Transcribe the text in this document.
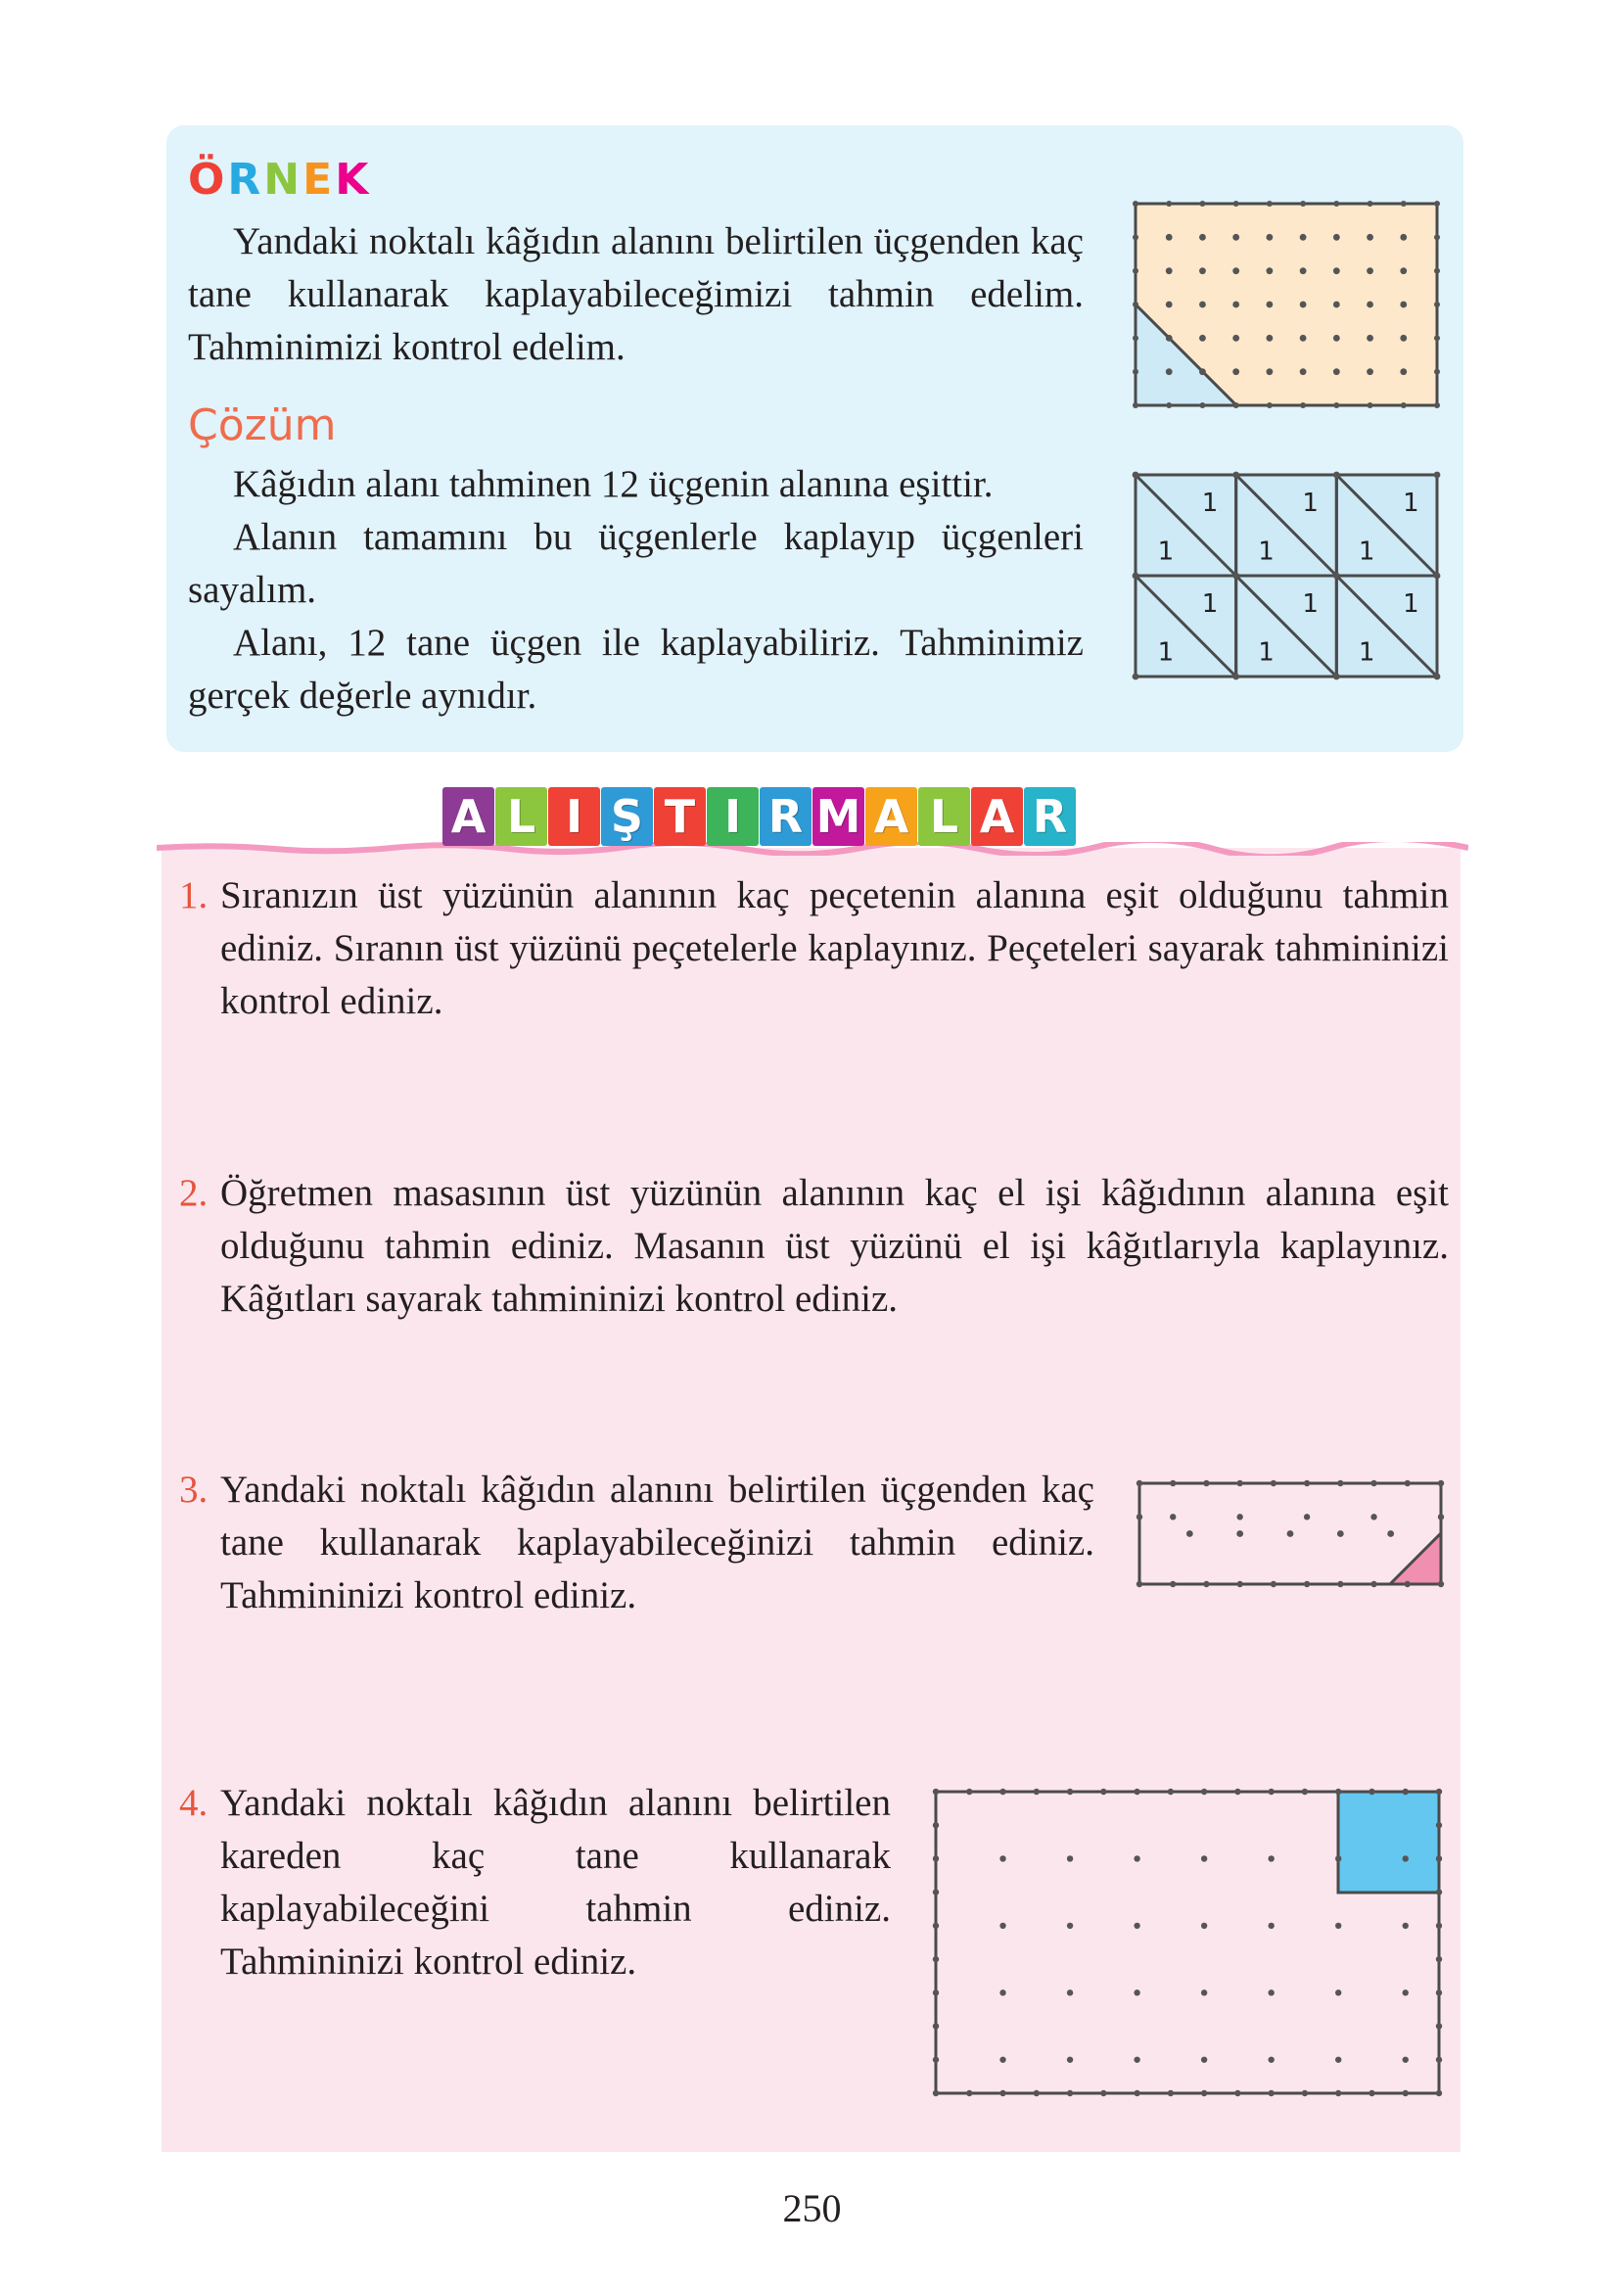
ÖRNEK

Yandaki noktalı kâğıdın alanını belirtilen üçgenden kaç tane kullanarak kaplayabileceğimizi tahmin edelim. Tahminimizi kontrol edelim.

Çözüm

Kâğıdın alanı tahminen 12 üçgenin alanına eşittir.

Alanın tamamını bu üçgenlerle kaplayıp üçgenleri sayalım.

Alanı, 12 tane üçgen ile kaplayabiliriz. Tahminimiz gerçek değerle aynıdır.

1
1
1
1
1
1
1
1
1
1
1
1
A L I Ş T I R M A L A R
1. Sıranızın üst yüzünün alanının kaç peçetenin alanına eşit olduğunu tahmin ediniz. Sıranın üst yüzünü peçetelerle kaplayınız. Peçeteleri sayarak tahmininizi kontrol ediniz.
2. Öğretmen masasının üst yüzünün alanının kaç el işi kâğıdının alanına eşit olduğunu tahmin ediniz. Masanın üst yüzünü el işi kâğıtlarıyla kaplayınız. Kâğıtları sayarak tahmininizi kontrol ediniz.
3. Yandaki noktalı kâğıdın alanını belirtilen üçgenden kaç tane kullanarak kaplayabileceğinizi tahmin ediniz. Tahmininizi kontrol ediniz.
4. Yandaki noktalı kâğıdın alanını belirtilen kareden kaç tane kullanarak kaplayabileceğini tahmin ediniz. Tahmininizi kontrol ediniz.
250
